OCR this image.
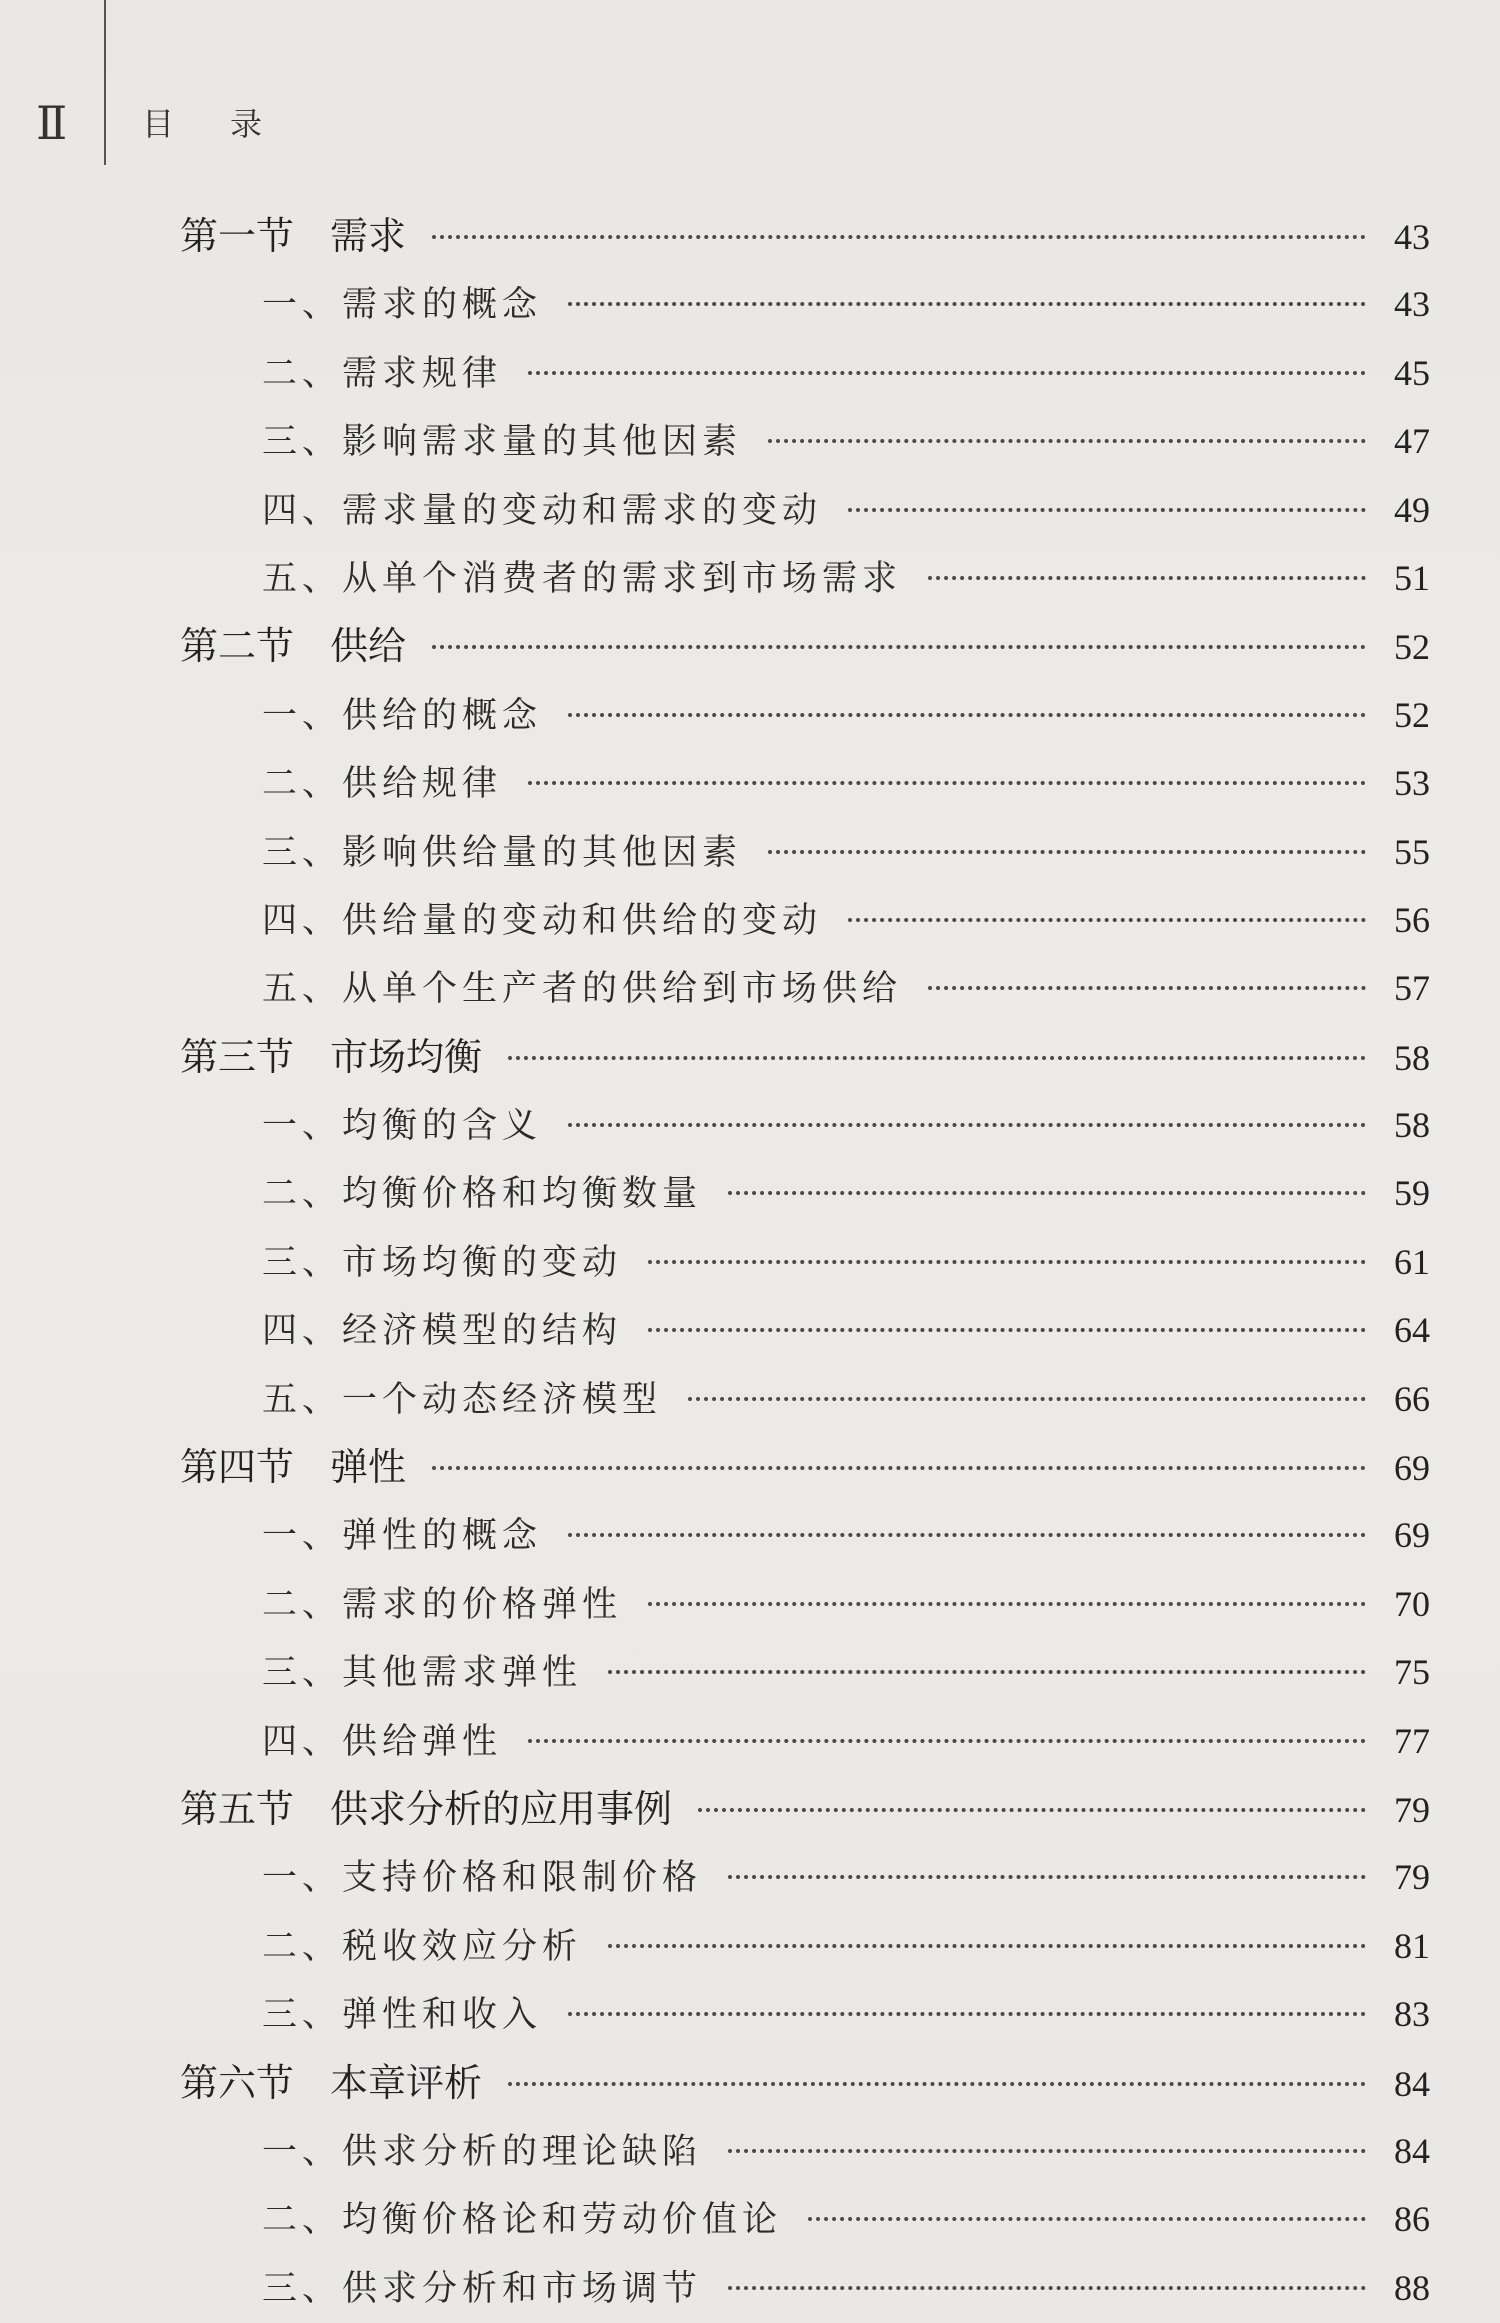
Ⅱ 目 录
第一节 需求	43
一、需求的概念	43
二、需求规律	45
三、影响需求量的其他因素	47
四、需求量的变动和需求的变动	49
五、从单个消费者的需求到市场需求	51
第二节 供给	52
一、供给的概念	52
二、供给规律	53
三、影响供给量的其他因素	55
四、供给量的变动和供给的变动	56
五、从单个生产者的供给到市场供给	57
第三节 市场均衡	58
一、均衡的含义	58
二、均衡价格和均衡数量	59
三、市场均衡的变动	61
四、经济模型的结构	64
五、一个动态经济模型	66
第四节 弹性	69
一、弹性的概念	69
二、需求的价格弹性	70
三、其他需求弹性	75
四、供给弹性	77
第五节 供求分析的应用事例	79
一、支持价格和限制价格	79
二、税收效应分析	81
三、弹性和收入	83
第六节 本章评析	84
一、供求分析的理论缺陷	84
二、均衡价格论和劳动价值论	86
三、供求分析和市场调节	88
